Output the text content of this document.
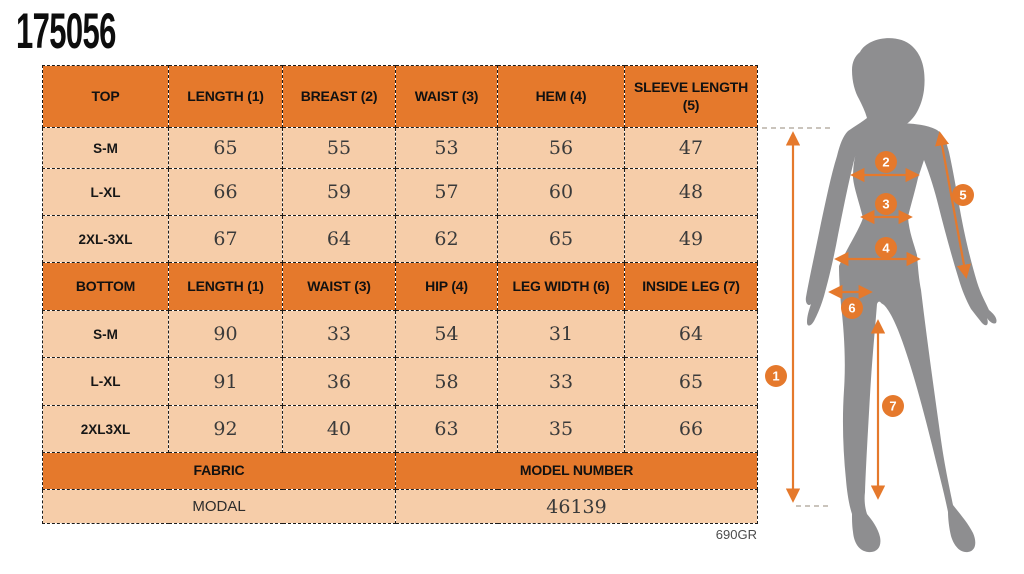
175056
TOP	LENGTH (1)	BREAST (2)	WAIST (3)	HEM (4)	SLEEVE LENGTH (5)
S-M	65	55	53	56	47
L-XL	66	59	57	60	48
2XL-3XL	67	64	62	65	49
BOTTOM	LENGTH (1)	WAIST (3)	HIP (4)	LEG WIDTH (6)	INSIDE LEG (7)
S-M	90	33	54	31	64
L-XL	91	36	58	33	65
2XL3XL	92	40	63	35	66
FABRIC			MODEL NUMBER		
MODAL			46139		
690GR
1
2
3
4
5
6
7
